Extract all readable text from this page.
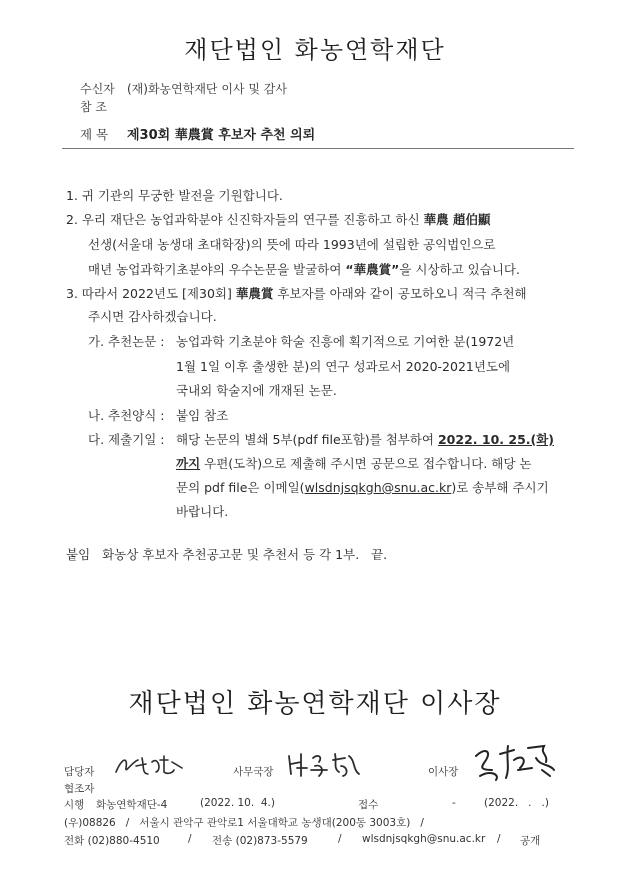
재단법인 화농연학재단
수신자 (재)화농연학재단 이사 및 감사
참 조
제 목 제30회 華農賞 후보자 추천 의뢰
1. 귀 기관의 무궁한 발전을 기원합니다.
2. 우리 재단은 농업과학분야 신진학자들의 연구를 진흥하고 하신 華農 趙伯顯
선생(서울대 농생대 초대학장)의 뜻에 따라 1993년에 설립한 공익법인으로
매년 농업과학기초분야의 우수논문을 발굴하여 “華農賞”을 시상하고 있습니다.
3. 따라서 2022년도 [제30회] 華農賞 후보자를 아래와 같이 공모하오니 적극 추천해
주시면 감사하겠습니다.
가. 추천논문 : 농업과학 기초분야 학술 진흥에 획기적으로 기여한 분(1972년
1월 1일 이후 출생한 분)의 연구 성과로서 2020-2021년도에
국내외 학술지에 개재된 논문.
나. 추천양식 : 붙임 참조
다. 제출기일 : 해당 논문의 별쇄 5부(pdf file포함)를 첨부하여 2022. 10. 25.(화)
까지 우편(도착)으로 제출해 주시면 공문으로 접수합니다. 해당 논
문의 pdf file은 이메일(wlsdnjsqkgh@snu.ac.kr)로 송부해 주시기
바랍니다.
붙임   화농상 후보자 추천공고문 및 추천서 등 각 1부.   끝.
재단법인 화농연학재단 이사장
담당자	사무국장	이사장
협조자
시행 화농연학재단-4	(2022. 10.  4.)	접수	-	(2022.   .   .)
(우)08826   /   서울시 관악구 관악로1 서울대학교 농생대(200동 3003호)   /
전화 (02)880-4510	/ 전송 (02)873-5579	/ wlsdnjsqkgh@snu.ac.kr / 공개
